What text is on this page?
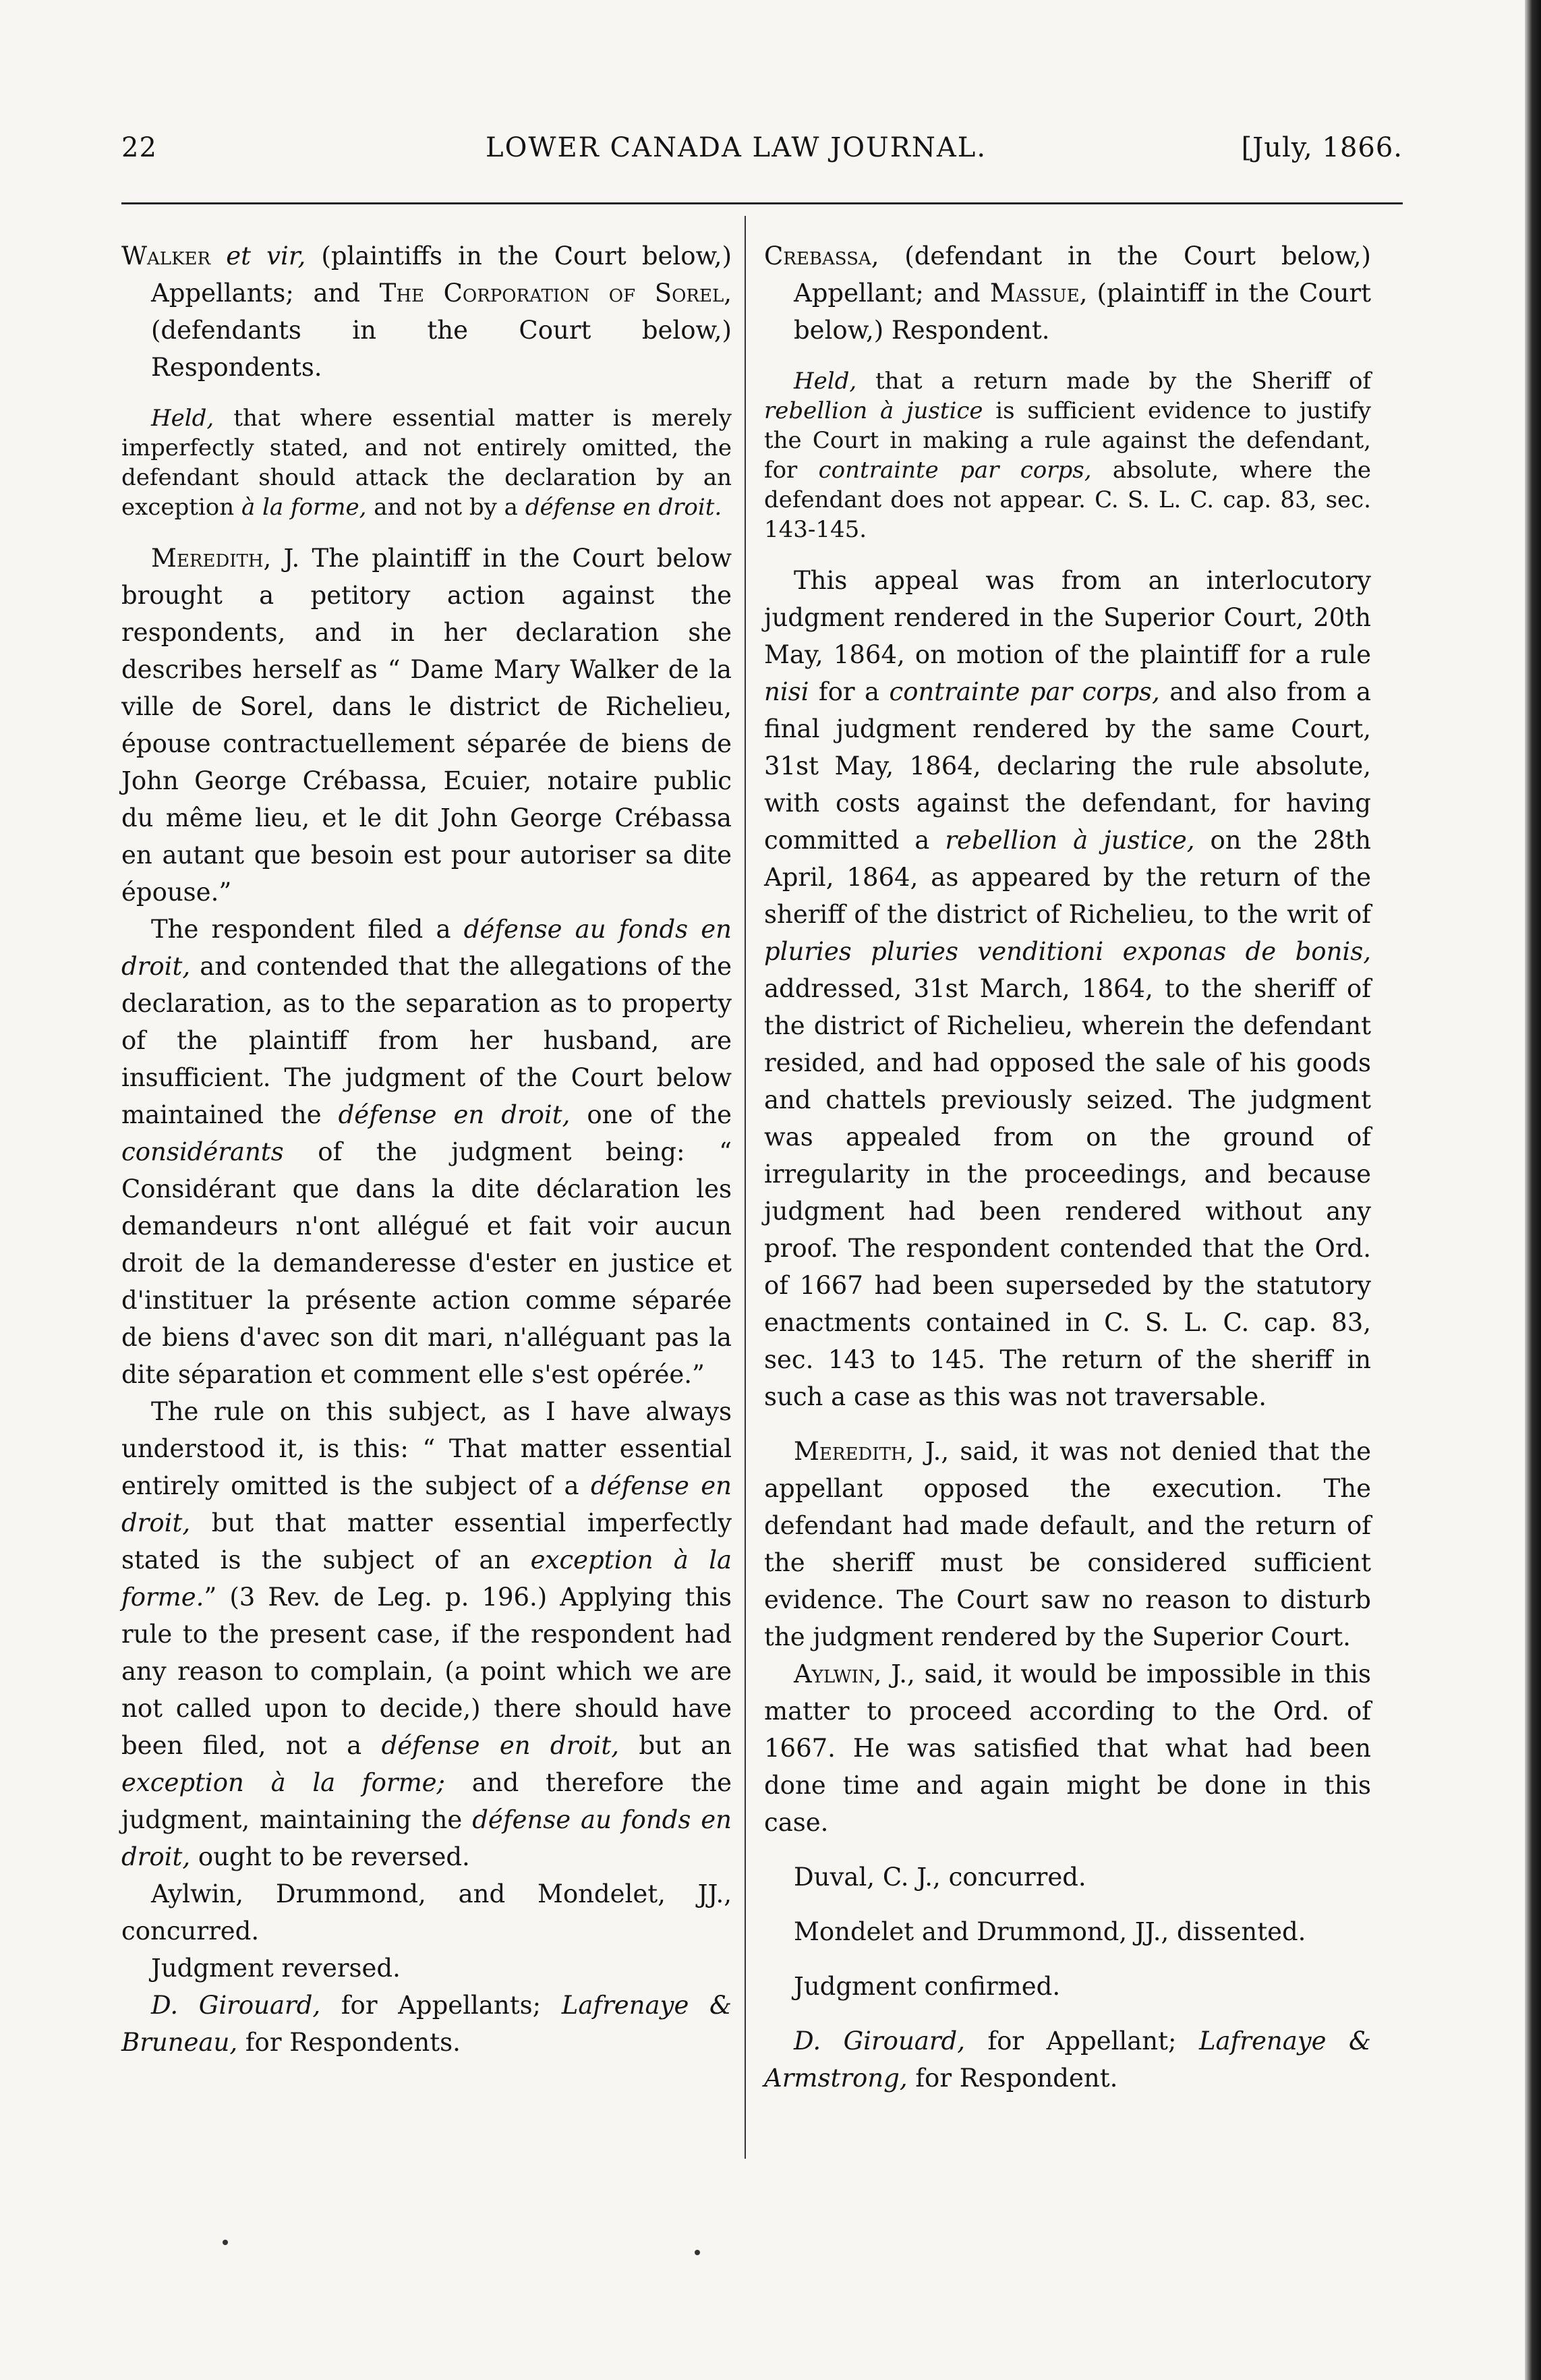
22	LOWER CANADA LAW JOURNAL.	[July, 1866.

Walker et vir, (plaintiffs in the Court below,) Appellants; and The Corporation of Sorel, (defendants in the Court below,) Respondents.

Held, that where essential matter is merely imperfectly stated, and not entirely omitted, the defendant should attack the declaration by an exception à la forme, and not by a défense en droit.

Meredith, J. The plaintiff in the Court below brought a petitory action against the respondents, and in her declaration she describes herself as “ Dame Mary Walker de la ville de Sorel, dans le district de Richelieu, épouse contractuellement séparée de biens de John George Crébassa, Ecuier, notaire public du même lieu, et le dit John George Crébassa en autant que besoin est pour autoriser sa dite épouse.”

The respondent filed a défense au fonds en droit, and contended that the allegations of the declaration, as to the separation as to property of the plaintiff from her husband, are insufficient. The judgment of the Court below maintained the défense en droit, one of the considérants of the judgment being: “ Considérant que dans la dite déclaration les demandeurs n'ont allégué et fait voir aucun droit de la demanderesse d'ester en justice et d'instituer la présente action comme séparée de biens d'avec son dit mari, n'alléguant pas la dite séparation et comment elle s'est opérée.”

The rule on this subject, as I have always understood it, is this: “ That matter essential entirely omitted is the subject of a défense en droit, but that matter essential imperfectly stated is the subject of an exception à la forme.” (3 Rev. de Leg. p. 196.) Applying this rule to the present case, if the respondent had any reason to complain, (a point which we are not called upon to decide,) there should have been filed, not a défense en droit, but an exception à la forme; and therefore the judgment, maintaining the défense au fonds en droit, ought to be reversed.

Aylwin, Drummond, and Mondelet, JJ., concurred.

Judgment reversed.

D. Girouard, for Appellants; Lafrenaye & Bruneau, for Respondents.

Crebassa, (defendant in the Court below,) Appellant; and Massue, (plaintiff in the Court below,) Respondent.

Held, that a return made by the Sheriff of rebellion à justice is sufficient evidence to justify the Court in making a rule against the defendant, for contrainte par corps, absolute, where the defendant does not appear. C. S. L. C. cap. 83, sec. 143-145.

This appeal was from an interlocutory judgment rendered in the Superior Court, 20th May, 1864, on motion of the plaintiff for a rule nisi for a contrainte par corps, and also from a final judgment rendered by the same Court, 31st May, 1864, declaring the rule absolute, with costs against the defendant, for having committed a rebellion à justice, on the 28th April, 1864, as appeared by the return of the sheriff of the district of Richelieu, to the writ of pluries pluries venditioni exponas de bonis, addressed, 31st March, 1864, to the sheriff of the district of Richelieu, wherein the defendant resided, and had opposed the sale of his goods and chattels previously seized. The judgment was appealed from on the ground of irregularity in the proceedings, and because judgment had been rendered without any proof. The respondent contended that the Ord. of 1667 had been superseded by the statutory enactments contained in C. S. L. C. cap. 83, sec. 143 to 145. The return of the sheriff in such a case as this was not traversable.

Meredith, J., said, it was not denied that the appellant opposed the execution. The defendant had made default, and the return of the sheriff must be considered sufficient evidence. The Court saw no reason to disturb the judgment rendered by the Superior Court.

Aylwin, J., said, it would be impossible in this matter to proceed according to the Ord. of 1667. He was satisfied that what had been done time and again might be done in this case.

Duval, C. J., concurred.

Mondelet and Drummond, JJ., dissented.

Judgment confirmed.

D. Girouard, for Appellant; Lafrenaye & Armstrong, for Respondent.
